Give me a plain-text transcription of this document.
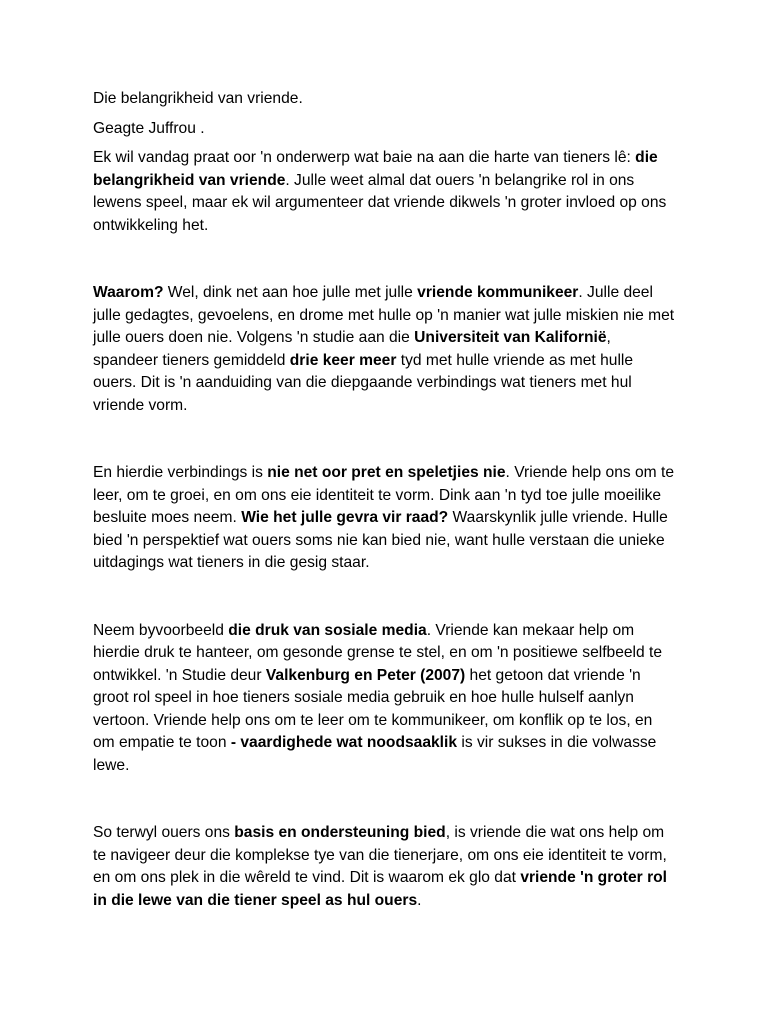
Die belangrikheid van vriende.

Geagte Juffrou .

Ek wil vandag praat oor 'n onderwerp wat baie na aan die harte van tieners lê: die belangrikheid van vriende. Julle weet almal dat ouers 'n belangrike rol in ons lewens speel, maar ek wil argumenteer dat vriende dikwels 'n groter invloed op ons ontwikkeling het.

Waarom? Wel, dink net aan hoe julle met julle vriende kommunikeer. Julle deel julle gedagtes, gevoelens, en drome met hulle op 'n manier wat julle miskien nie met julle ouers doen nie. Volgens 'n studie aan die Universiteit van Kalifornië, spandeer tieners gemiddeld drie keer meer tyd met hulle vriende as met hulle ouers. Dit is 'n aanduiding van die diepgaande verbindings wat tieners met hul vriende vorm.

En hierdie verbindings is nie net oor pret en speletjies nie. Vriende help ons om te leer, om te groei, en om ons eie identiteit te vorm. Dink aan 'n tyd toe julle moeilike besluite moes neem. Wie het julle gevra vir raad? Waarskynlik julle vriende. Hulle bied 'n perspektief wat ouers soms nie kan bied nie, want hulle verstaan die unieke uitdagings wat tieners in die gesig staar.

Neem byvoorbeeld die druk van sosiale media. Vriende kan mekaar help om hierdie druk te hanteer, om gesonde grense te stel, en om 'n positiewe selfbeeld te ontwikkel. 'n Studie deur Valkenburg en Peter (2007) het getoon dat vriende 'n groot rol speel in hoe tieners sosiale media gebruik en hoe hulle hulself aanlyn vertoon. Vriende help ons om te leer om te kommunikeer, om konflik op te los, en om empatie te toon - vaardighede wat noodsaaklik is vir sukses in die volwasse lewe.

So terwyl ouers ons basis en ondersteuning bied, is vriende die wat ons help om te navigeer deur die komplekse tye van die tienerjare, om ons eie identiteit te vorm, en om ons plek in die wêreld te vind. Dit is waarom ek glo dat vriende 'n groter rol in die lewe van die tiener speel as hul ouers.
